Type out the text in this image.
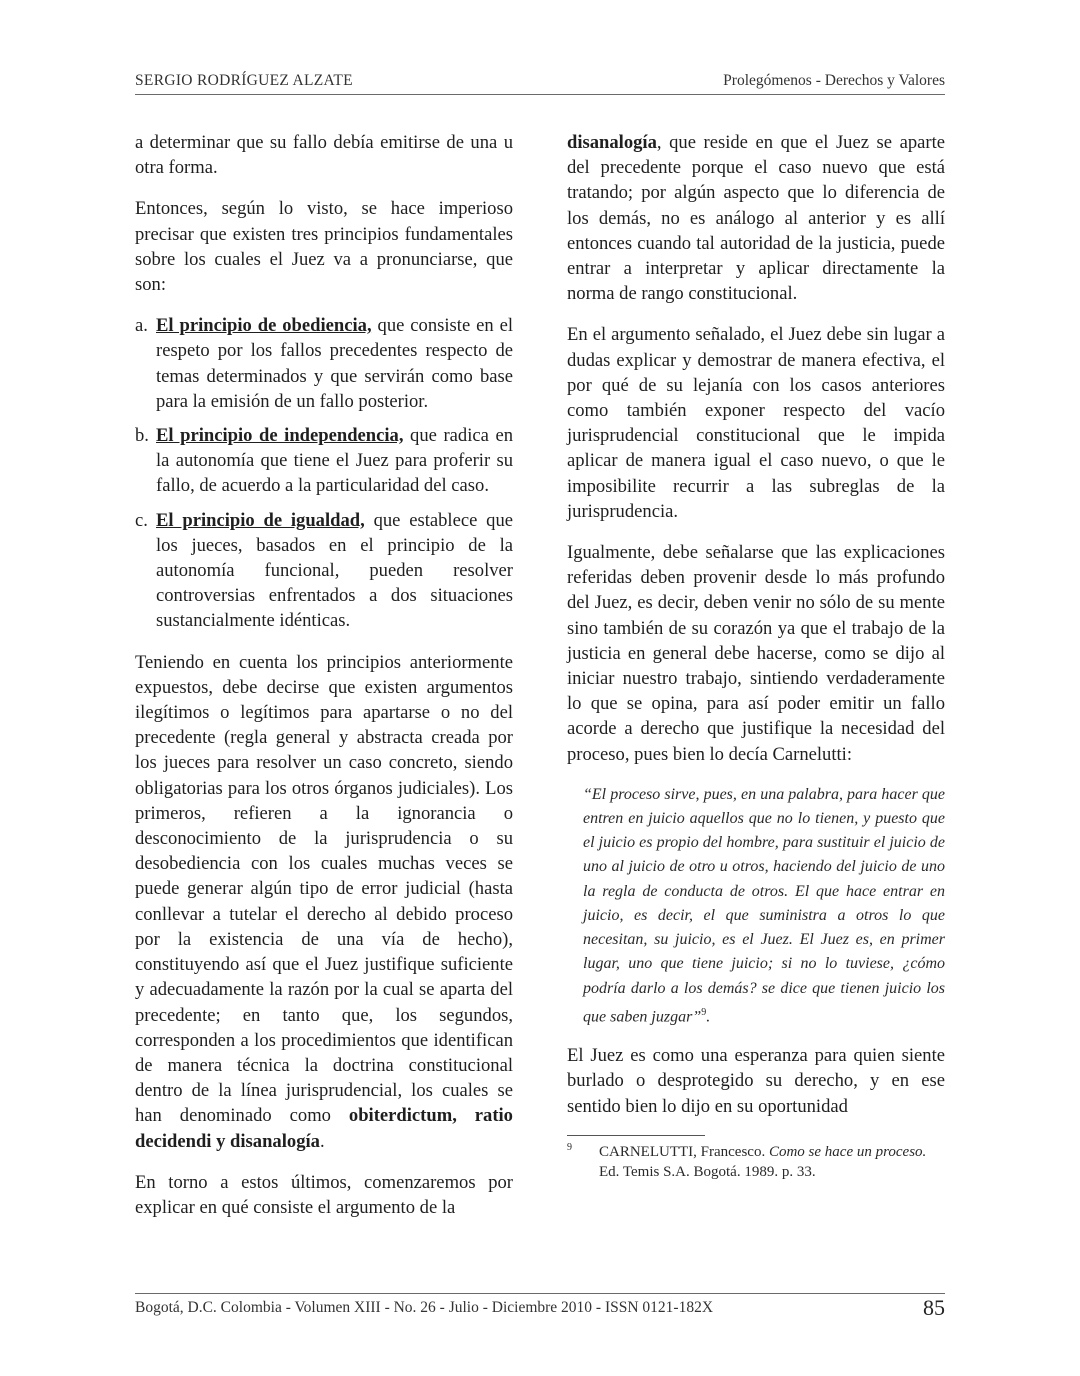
SERGIO RODRÍGUEZ ALZATE	Prolegómenos - Derechos y Valores

a determinar que su fallo debía emitirse de una u otra forma.

Entonces, según lo visto, se hace imperioso precisar que existen tres principios fundamentales sobre los cuales el Juez va a pronunciarse, que son:

a. El principio de obediencia, que consiste en el respeto por los fallos precedentes respecto de temas determinados y que servirán como base para la emisión de un fallo posterior.
b. El principio de independencia, que radica en la autonomía que tiene el Juez para proferir su fallo, de acuerdo a la particularidad del caso.
c. El principio de igualdad, que establece que los jueces, basados en el principio de la autonomía funcional, pueden resolver controversias enfrentados a dos situaciones sustancialmente idénticas.

Teniendo en cuenta los principios anteriormente expuestos, debe decirse que existen argumentos ilegítimos o legítimos para apartarse o no del precedente (regla general y abstracta creada por los jueces para resolver un caso concreto, siendo obligatorias para los otros órganos judiciales). Los primeros, refieren a la ignorancia o desconocimiento de la jurisprudencia o su desobediencia con los cuales muchas veces se puede generar algún tipo de error judicial (hasta conllevar a tutelar el derecho al debido proceso por la existencia de una vía de hecho), constituyendo así que el Juez justifique suficiente y adecuadamente la razón por la cual se aparta del precedente; en tanto que, los segundos, corresponden a los procedimientos que identifican de manera técnica la doctrina constitucional dentro de la línea jurisprudencial, los cuales se han denominado como obiterdictum, ratio decidendi y disanalogía.

En torno a estos últimos, comenzaremos por explicar en qué consiste el argumento de la

disanalogía, que reside en que el Juez se aparte del precedente porque el caso nuevo que está tratando; por algún aspecto que lo diferencia de los demás, no es análogo al anterior y es allí entonces cuando tal autoridad de la justicia, puede entrar a interpretar y aplicar directamente la norma de rango constitucional.

En el argumento señalado, el Juez debe sin lugar a dudas explicar y demostrar de manera efectiva, el por qué de su lejanía con los casos anteriores como también exponer respecto del vacío jurisprudencial constitucional que le impida aplicar de manera igual el caso nuevo, o que le imposibilite recurrir a las subreglas de la jurisprudencia.

Igualmente, debe señalarse que las explicaciones referidas deben provenir desde lo más profundo del Juez, es decir, deben venir no sólo de su mente sino también de su corazón ya que el trabajo de la justicia en general debe hacerse, como se dijo al iniciar nuestro trabajo, sintiendo verdaderamente lo que se opina, para así poder emitir un fallo acorde a derecho que justifique la necesidad del proceso, pues bien lo decía Carnelutti:

“El proceso sirve, pues, en una palabra, para hacer que entren en juicio aquellos que no lo tienen, y puesto que el juicio es propio del hombre, para sustituir el juicio de uno al juicio de otro u otros, haciendo del juicio de uno la regla de conducta de otros. El que hace entrar en juicio, es decir, el que suministra a otros lo que necesitan, su juicio, es el Juez. El Juez es, en primer lugar, uno que tiene juicio; si no lo tuviese, ¿cómo podría darlo a los demás? se dice que tienen juicio los que saben juzgar”$^9$.

El Juez es como una esperanza para quien siente burlado o desprotegido su derecho, y en ese sentido bien lo dijo en su oportunidad

9 CARNELUTTI, Francesco. Como se hace un proceso. Ed. Temis S.A. Bogotá. 1989. p. 33.
Bogotá, D.C. Colombia - Volumen XIII - No. 26 - Julio - Diciembre 2010 - ISSN 0121-182X	85
